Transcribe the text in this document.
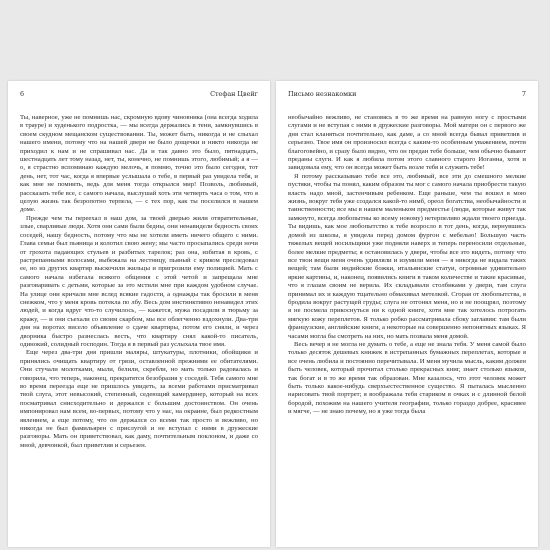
6	Стефан Цвейг

Ты, наверное, уже не помнишь нас, скромную вдову чиновника (она всегда ходила в трауре) и худенького подростка, — мы всегда держались в тени, замкнувшись в своем скудном мещанском существовании. Ты, может быть, никогда и не слыхал нашего имени, потому что на нашей двери не было дощечки и никто никогда не приходил к нам и не спрашивал нас. Да и так давно это было, пятнадцать, шестнадцать лет тому назад, нет, ты, конечно, не помнишь этого, любимый; а я — о, я страстно вспоминаю каждую мелочь, я помню, точно это было сегодня, тот день, нет, тот час, когда я впервые услышала о тебе, в первый раз увидела тебя, и как мне не помнить, ведь для меня тогда открылся мир! Позволь, любимый, рассказать тебе все, с самого начала, выслушай хоть эти четверть часа о том, что я целую жизнь так безропотно терпела, — с тех пор, как ты поселился в нашем доме.

Прежде чем ты переехал в наш дом, за твоей дверью жили отвратительные, злые, сварливые люди. Хотя они сами были бедны, они ненавидели бедность своих соседей, нашу бедность, потому что мы не хотели иметь ничего общего с ними. Глава семьи был пьяница и колотил свою жену; мы часто просыпались среди ночи от грохота падающих стульев и разбитых тарелок; раз она, избитая в кровь, с растрепанными волосами, выбежала на лестницу, пьяный с криком преследовал ее, но из других квартир выскочили жильцы и пригрозили ему полицией. Мать с самого начала избегала всякого общения с этой четой и запрещала мне разговаривать с детьми, которые за это мстили мне при каждом удобном случае. На улице они кричали мне вслед всякие гадости, а однажды так бросили в меня снежком, что у меня кровь потекла по лбу. Весь дом инстинктивно ненавидел этих людей, и когда вдруг что-то случилось, — кажется, мужа посадили в тюрьму за кражу, — и они съехали со своим скарбом, мы все облегченно вздохнули. Два-три дня на воротах висело объявление о сдаче квартиры, потом его сняли, и через дворника быстро разнеслась весть, что квартиру снял какой-то писатель, одинокий, солидный господин. Тогда я в первый раз услыхала твое имя.

Еще через два-три дня пришли маляры, штукатуры, плотники, обойщики и принялись очищать квартиру от грязи, оставленной прежними ее обитателями. Они стучали молотками, мыли, белили, скребли, но мать только радовалась и говорила, что теперь, наконец, прекратятся безобразия у соседей. Тебя самого мне во время переезда еще не пришлось увидеть, за всеми работами присматривал твой слуга, этот невысокий, степенный, седеющий камердинер, который на всех посматривал снисходительно и держался с большим достоинством. Он очень импонировал нам всем, во-первых, потому что у нас, на окраине, был редкостным явлением, а еще потому, что он держался со всеми так просто и вежливо, но никогда не был фамильярен с прислугой и не вступал с ними в дружеские разговоры. Мать он приветствовал, как даму, почтительным поклоном, и даже со мной, девчонкой, был приветлив и серьезен.

Письмо незнакомки	7

необычайно вежливо, не становясь в то же время на равную ногу с простыми слугами и не вступая с ними в дружеские разговоры. Мой матери он с первого же дня стал кланяться почтительно, как даме, а со мной всегда бывал приветлив и серьезно. Твое имя он произносил всегда с каким-то особенным уважением, почти благоговейно, и сразу было видно, что он предан тебе больше, чем обычно бывают преданы слуги. И как я любила потом этого славного старого Иоганна, хотя и завидовала ему, что он всегда может быть возле тебя и служить тебе!

Я потому рассказываю тебе все это, любимый, все эти до смешного мелкие пустяки, чтобы ты понял, каким образом ты мог с самого начала приобрести такую власть надо мной, застенчивым ребенком. Еще раньше, чем ты вошел в мою жизнь, вокруг тебя уже создался какой-то нимб, ореол богатства, необычайности и таинственности; все мы в нашем маленьком предместье (люди, которые живут так замкнуто, всегда любопытны ко всему новому) нетерпеливо ждали твоего приезда. Ты видишь, как мое любопытство к тебе возросло в тот день, когда, вернувшись домой из школы, я увидела перед домом фургон с мебелью! Большую часть тяжелых вещей носильщики уже подняли наверх и теперь переносили отдельные, более мелкие предметы; я остановилась у двери, чтобы все это видеть, потому что все твои вещи меня очень удивляли и изумили меня — я никогда не видала таких вещей; там были индийские божки, итальянские статуи, огромные удивительно яркие картины, и, наконец, появились книги в таком количестве и такие красивые, что я глазам своим не верила. Их складывали столбиками у двери, там слуга принимал их и каждую тщательно обмахивал метелкой. Сгорая от любопытства, я бродила вокруг растущей груды; слуга не отгонял меня, но и не поощрял, поэтому я не посмела прикоснуться ни к одной книге, хотя мне так хотелось потрогать мягкую кожу переплетов. Я только робко рассматривала сбоку заглавия: там были французские, английские книги, а некоторые на совершенно непонятных языках. Я часами могла бы смотреть на них, но мать позвала меня домой.

Весь вечер я не могла не думать о тебе, а еще не знала тебя. У меня самой было только десяток дешевых книжек в истрепанных бумажных переплетах, которые я все очень любила и постоянно перечитывала. И меня мучила мысль, каким должен быть человек, который прочитал столько прекрасных книг, знает столько языков, так богат и в то же время так образован. Мне казалось, что этот человек может быть только какое-нибудь сверхъестественное существо. Я пыталась мысленно нарисовать твой портрет; я воображала тебя стариком в очках и с длинной белой бородой, похожим на нашего учителя географии, только гораздо добрее, красивее и мягче, — не знаю почему, но я уже тогда была
